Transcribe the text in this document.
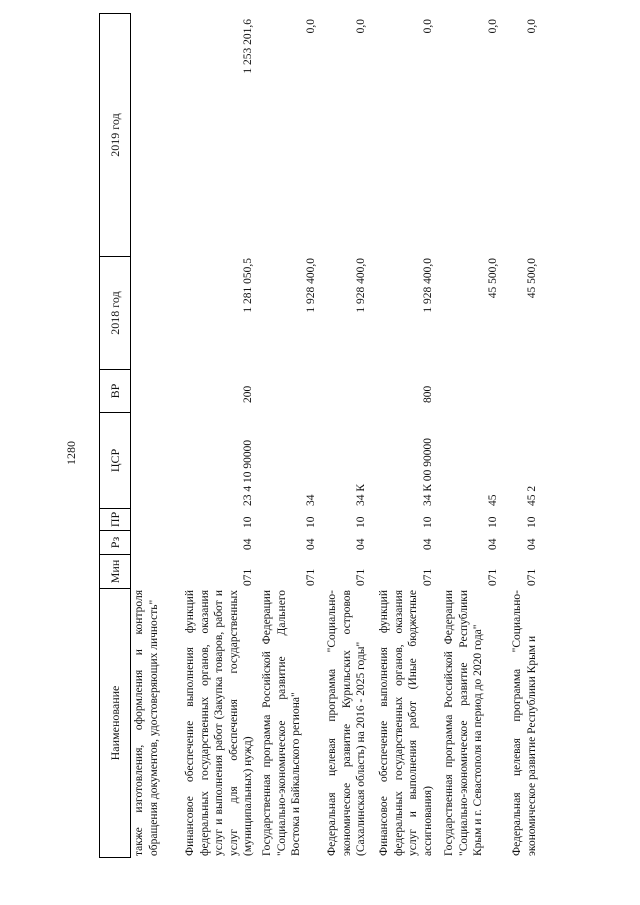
1280
Наименование
Мин
Рз
ПР
ЦСР
ВР
2018 год
2019 год
также изготовления, оформления и контроля обращения документов, удостоверяющих личность" Финансовое обеспечение выполнения функций федеральных государственных органов, оказания услуг и выполнения работ (Закупка товаров, работ и услуг для обеспечения государственных (муниципальных) нужд)
071
04
10
23 4 10 90000
200
1 281 050,5
1 253 201,6
Государственная программа Российской Федерации "Социально-экономическое развитие Дальнего Востока и Байкальского региона"
071
04
10
34
1 928 400,0
0,0
Федеральная целевая программа "Социально-экономическое развитие Курильских островов (Сахалинская область) на 2016 - 2025 годы"
071
04
10
34 К
1 928 400,0
0,0
Финансовое обеспечение выполнения функций федеральных государственных органов, оказания услуг и выполнения работ (Иные бюджетные ассигнования)
071
04
10
34 К 00 90000
800
1 928 400,0
0,0
Государственная программа Российской Федерации "Социально-экономическое развитие Республики Крым и г. Севастополя на период до 2020 года"
071
04
10
45
45 500,0
0,0
Федеральная целевая программа "Социально-экономическое развитие Республики Крым и
071
04
10
45 2
45 500,0
0,0
